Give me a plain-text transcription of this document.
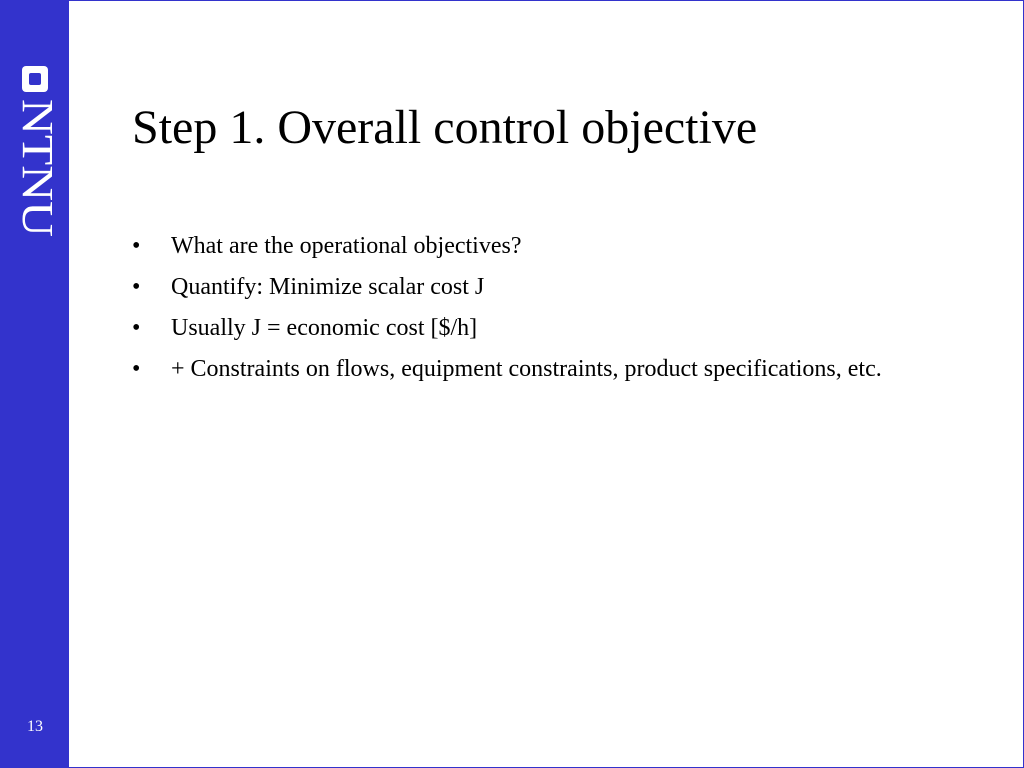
NTNU
13
Step 1. Overall control objective
• What are the operational objectives?
• Quantify: Minimize scalar cost J
• Usually J = economic cost [$/h]
• + Constraints on flows, equipment constraints, product specifications, etc.
